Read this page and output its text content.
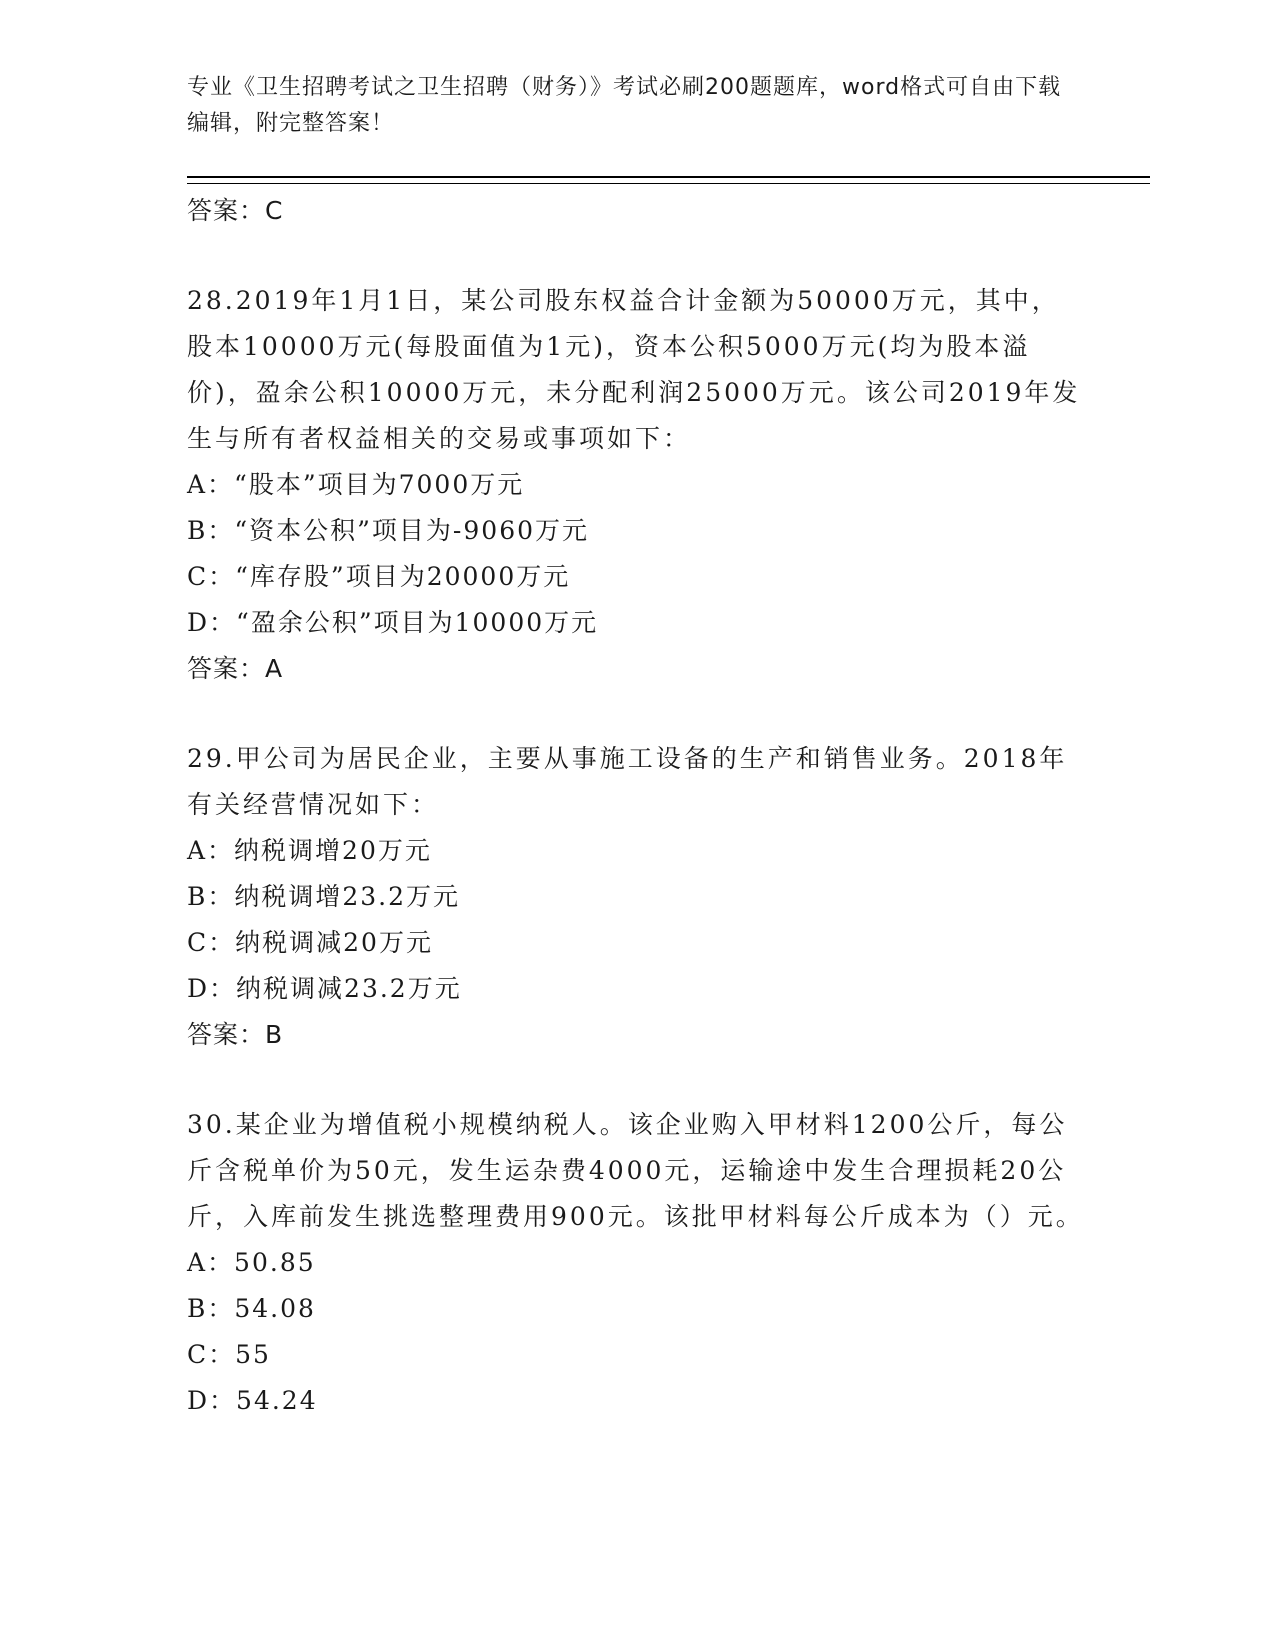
专业《卫生招聘考试之卫生招聘（财务）》考试必刷200题题库，word格式可自由下载编辑，附完整答案！

答案：C

28.2019年1月1日，某公司股东权益合计金额为50000万元，其中，股本10000万元(每股面值为1元)，资本公积5000万元(均为股本溢价)，盈余公积10000万元，未分配利润25000万元。该公司2019年发生与所有者权益相关的交易或事项如下：

A：“股本”项目为7000万元

B：“资本公积”项目为-9060万元

C：“库存股”项目为20000万元

D：“盈余公积”项目为10000万元

答案：A

29.甲公司为居民企业，主要从事施工设备的生产和销售业务。2018年有关经营情况如下：

A：纳税调增20万元

B：纳税调增23.2万元

C：纳税调减20万元

D：纳税调减23.2万元

答案：B

30.某企业为增值税小规模纳税人。该企业购入甲材料1200公斤，每公斤含税单价为50元，发生运杂费4000元，运输途中发生合理损耗20公斤，入库前发生挑选整理费用900元。该批甲材料每公斤成本为（）元。

A：50.85

B：54.08

C：55

D：54.24
